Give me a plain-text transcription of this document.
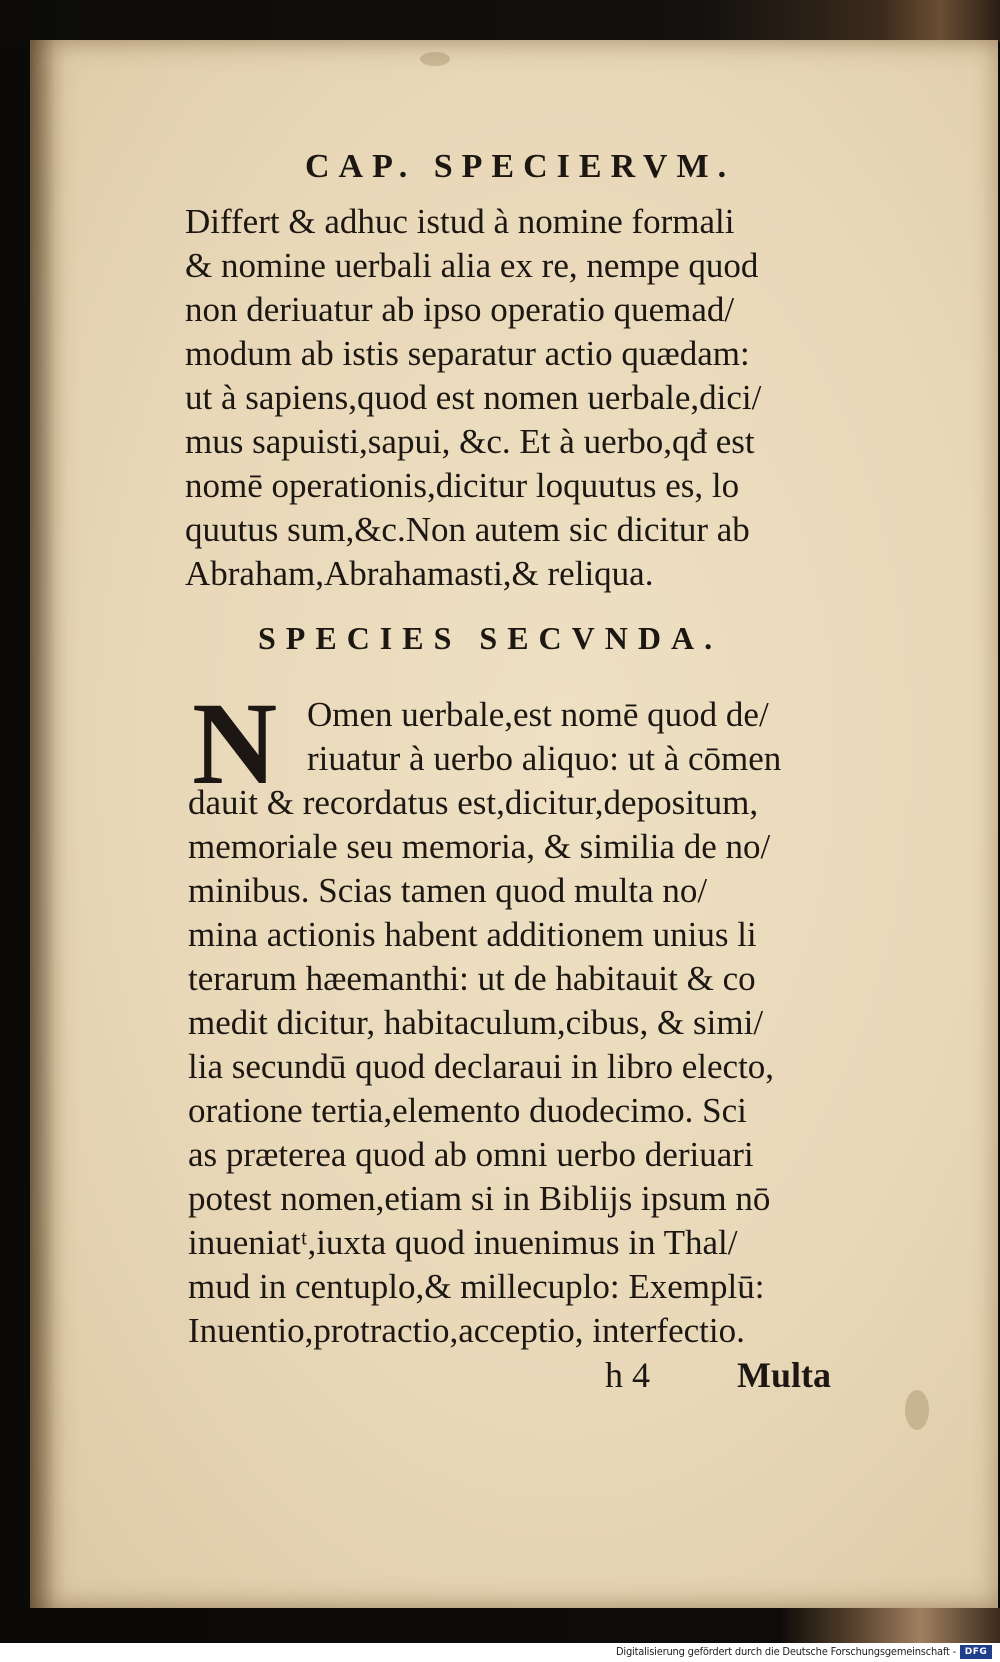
CAP. SPECIERVM.
Differt & adhuc istud à nomine formali
& nomine uerbali alia ex re, nempe quod
non deriuatur ab ipso operatio quemad/
modum ab istis separatur actio quædam:
ut à sapiens,quod est nomen uerbale,dici/
mus sapuisti,sapui, &c. Et à uerbo,qđ est
nomē operationis,dicitur loquutus es, lo
quutus sum,&c.Non autem sic dicitur ab
Abraham,Abrahamasti,& reliqua.
SPECIES SECVNDA.
N Omen uerbale,est nomē quod de/
riuatur à uerbo aliquo: ut à cōmen
dauit & recordatus est,dicitur,depositum,
memoriale seu memoria, & similia de no/
minibus. Scias tamen quod multa no/
mina actionis habent additionem unius li
terarum hæemanthi: ut de habitauit & co
medit dicitur, habitaculum,cibus, & simi/
lia secundū quod declaraui in libro electo,
oratione tertia,elemento duodecimo. Sci
as præterea quod ab omni uerbo deriuari
potest nomen,etiam si in Biblijs ipsum nō
inueniatᵗ,iuxta quod inuenimus in Thal/
mud in centuplo,& millecuplo: Exemplū:
Inuentio,protractio,acceptio, interfectio.
h 4 Multa
Digitalisierung gefördert durch die Deutsche Forschungsgemeinschaft - DFG
